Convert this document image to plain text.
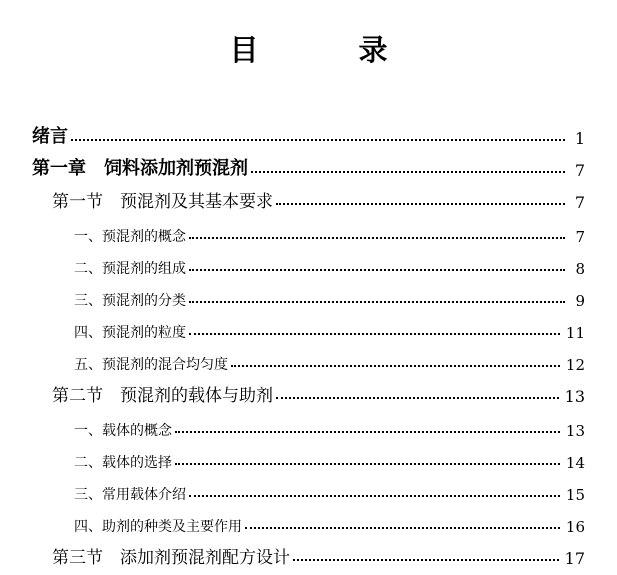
目	录
绪言	1
第一章　饲料添加剂预混剂	7
第一节　预混剂及其基本要求	7
一、预混剂的概念	7
二、预混剂的组成	8
三、预混剂的分类	9
四、预混剂的粒度	11
五、预混剂的混合均匀度	12
第二节　预混剂的载体与助剂	13
一、载体的概念	13
二、载体的选择	14
三、常用载体介绍	15
四、助剂的种类及主要作用	16
第三节　添加剂预混剂配方设计	17
